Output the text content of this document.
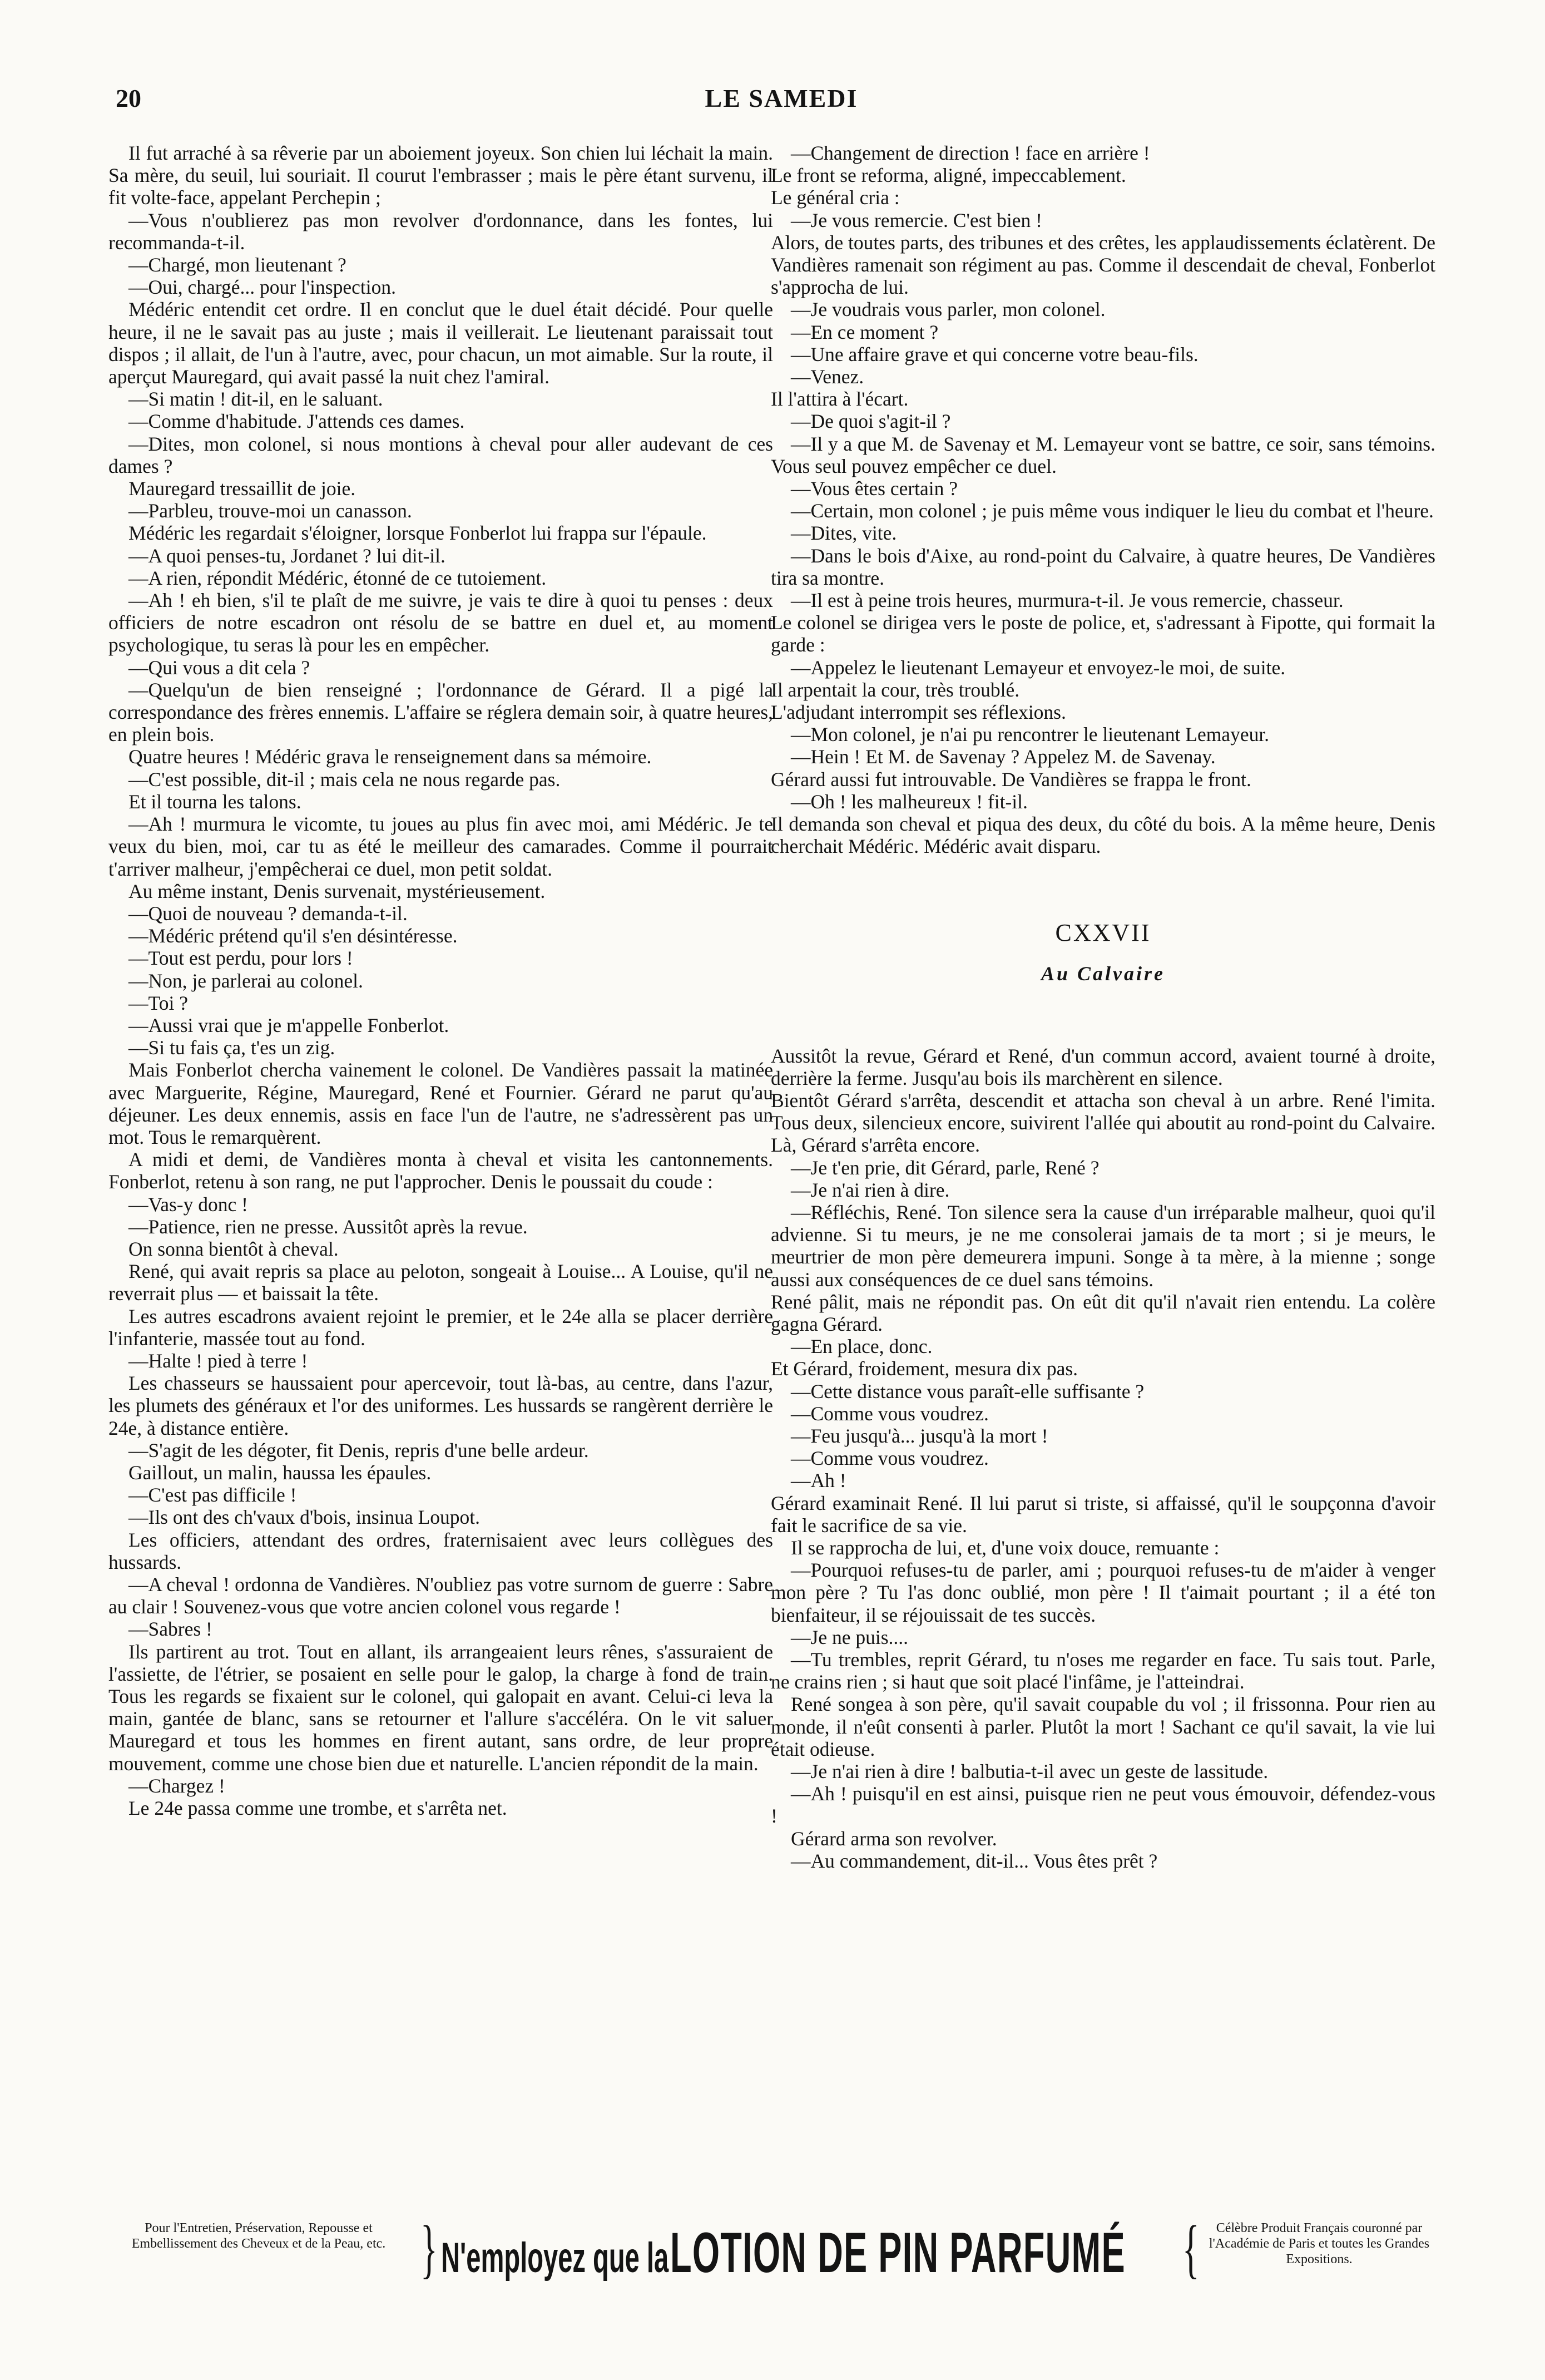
20	LE SAMEDI

Il fut arraché à sa rêverie par un aboiement joyeux. Son chien lui léchait la main. Sa mère, du seuil, lui souriait. Il courut l'embrasser ; mais le père étant survenu, il fit volte-face, appelant Perchepin ;

—Vous n'oublierez pas mon revolver d'ordonnance, dans les fontes, lui recommanda-t-il.

—Chargé, mon lieutenant ?

—Oui, chargé... pour l'inspection.

Médéric entendit cet ordre. Il en conclut que le duel était décidé. Pour quelle heure, il ne le savait pas au juste ; mais il veillerait. Le lieutenant paraissait tout dispos ; il allait, de l'un à l'autre, avec, pour chacun, un mot aimable. Sur la route, il aperçut Mauregard, qui avait passé la nuit chez l'amiral.

—Si matin ! dit-il, en le saluant.

—Comme d'habitude. J'attends ces dames.

—Dites, mon colonel, si nous montions à cheval pour aller audevant de ces dames ?

Mauregard tressaillit de joie.

—Parbleu, trouve-moi un canasson.

Médéric les regardait s'éloigner, lorsque Fonberlot lui frappa sur l'épaule.

—A quoi penses-tu, Jordanet ? lui dit-il.

—A rien, répondit Médéric, étonné de ce tutoiement.

—Ah ! eh bien, s'il te plaît de me suivre, je vais te dire à quoi tu penses : deux officiers de notre escadron ont résolu de se battre en duel et, au moment psychologique, tu seras là pour les en empêcher.

—Qui vous a dit cela ?

—Quelqu'un de bien renseigné ; l'ordonnance de Gérard. Il a pigé la correspondance des frères ennemis. L'affaire se réglera demain soir, à quatre heures, en plein bois.

Quatre heures ! Médéric grava le renseignement dans sa mémoire.

—C'est possible, dit-il ; mais cela ne nous regarde pas.

Et il tourna les talons.

—Ah ! murmura le vicomte, tu joues au plus fin avec moi, ami Médéric. Je te veux du bien, moi, car tu as été le meilleur des camarades. Comme il pourrait t'arriver malheur, j'empêcherai ce duel, mon petit soldat.

Au même instant, Denis survenait, mystérieusement.

—Quoi de nouveau ? demanda-t-il.

—Médéric prétend qu'il s'en désintéresse.

—Tout est perdu, pour lors !

—Non, je parlerai au colonel.

—Toi ?

—Aussi vrai que je m'appelle Fonberlot.

—Si tu fais ça, t'es un zig.

Mais Fonberlot chercha vainement le colonel. De Vandières passait la matinée avec Marguerite, Régine, Mauregard, René et Fournier. Gérard ne parut qu'au déjeuner. Les deux ennemis, assis en face l'un de l'autre, ne s'adressèrent pas un mot. Tous le remarquèrent.

A midi et demi, de Vandières monta à cheval et visita les cantonnements. Fonberlot, retenu à son rang, ne put l'approcher. Denis le poussait du coude :

—Vas-y donc !

—Patience, rien ne presse. Aussitôt après la revue.

On sonna bientôt à cheval.

René, qui avait repris sa place au peloton, songeait à Louise... A Louise, qu'il ne reverrait plus — et baissait la tête.

Les autres escadrons avaient rejoint le premier, et le 24e alla se placer derrière l'infanterie, massée tout au fond.

—Halte ! pied à terre !

Les chasseurs se haussaient pour apercevoir, tout là-bas, au centre, dans l'azur, les plumets des généraux et l'or des uniformes. Les hussards se rangèrent derrière le 24e, à distance entière.

—S'agit de les dégoter, fit Denis, repris d'une belle ardeur.

Gaillout, un malin, haussa les épaules.

—C'est pas difficile !

—Ils ont des ch'vaux d'bois, insinua Loupot.

Les officiers, attendant des ordres, fraternisaient avec leurs collègues des hussards.

—A cheval ! ordonna de Vandières. N'oubliez pas votre surnom de guerre : Sabre au clair ! Souvenez-vous que votre ancien colonel vous regarde !

—Sabres !

Ils partirent au trot. Tout en allant, ils arrangeaient leurs rênes, s'assuraient de l'assiette, de l'étrier, se posaient en selle pour le galop, la charge à fond de train. Tous les regards se fixaient sur le colonel, qui galopait en avant. Celui-ci leva la main, gantée de blanc, sans se retourner et l'allure s'accéléra. On le vit saluer Mauregard et tous les hommes en firent autant, sans ordre, de leur propre mouvement, comme une chose bien due et naturelle. L'ancien répondit de la main.

—Chargez !

Le 24e passa comme une trombe, et s'arrêta net.

—Changement de direction ! face en arrière !

Le front se reforma, aligné, impeccablement.

Le général cria :

—Je vous remercie. C'est bien !

Alors, de toutes parts, des tribunes et des crêtes, les applaudissements éclatèrent. De Vandières ramenait son régiment au pas. Comme il descendait de cheval, Fonberlot s'approcha de lui.

—Je voudrais vous parler, mon colonel.

—En ce moment ?

—Une affaire grave et qui concerne votre beau-fils.

—Venez.

Il l'attira à l'écart.

—De quoi s'agit-il ?

—Il y a que M. de Savenay et M. Lemayeur vont se battre, ce soir, sans témoins. Vous seul pouvez empêcher ce duel.

—Vous êtes certain ?

—Certain, mon colonel ; je puis même vous indiquer le lieu du combat et l'heure.

—Dites, vite.

—Dans le bois d'Aixe, au rond-point du Calvaire, à quatre heures, De Vandières tira sa montre.

—Il est à peine trois heures, murmura-t-il. Je vous remercie, chasseur.

Le colonel se dirigea vers le poste de police, et, s'adressant à Fipotte, qui formait la garde :

—Appelez le lieutenant Lemayeur et envoyez-le moi, de suite.

Il arpentait la cour, très troublé.

L'adjudant interrompit ses réflexions.

—Mon colonel, je n'ai pu rencontrer le lieutenant Lemayeur.

—Hein ! Et M. de Savenay ? Appelez M. de Savenay.

Gérard aussi fut introuvable. De Vandières se frappa le front.

—Oh ! les malheureux ! fit-il.

Il demanda son cheval et piqua des deux, du côté du bois. A la même heure, Denis cherchait Médéric. Médéric avait disparu.

CXXVII
Au Calvaire

Aussitôt la revue, Gérard et René, d'un commun accord, avaient tourné à droite, derrière la ferme. Jusqu'au bois ils marchèrent en silence.

Bientôt Gérard s'arrêta, descendit et attacha son cheval à un arbre. René l'imita. Tous deux, silencieux encore, suivirent l'allée qui aboutit au rond-point du Calvaire. Là, Gérard s'arrêta encore.

—Je t'en prie, dit Gérard, parle, René ?

—Je n'ai rien à dire.

—Réfléchis, René. Ton silence sera la cause d'un irréparable malheur, quoi qu'il advienne. Si tu meurs, je ne me consolerai jamais de ta mort ; si je meurs, le meurtrier de mon père demeurera impuni. Songe à ta mère, à la mienne ; songe aussi aux conséquences de ce duel sans témoins.

René pâlit, mais ne répondit pas. On eût dit qu'il n'avait rien entendu. La colère gagna Gérard.

—En place, donc.

Et Gérard, froidement, mesura dix pas.

—Cette distance vous paraît-elle suffisante ?

—Comme vous voudrez.

—Feu jusqu'à... jusqu'à la mort !

—Comme vous voudrez.

—Ah !

Gérard examinait René. Il lui parut si triste, si affaissé, qu'il le soupçonna d'avoir fait le sacrifice de sa vie.

Il se rapprocha de lui, et, d'une voix douce, remuante :

—Pourquoi refuses-tu de parler, ami ; pourquoi refuses-tu de m'aider à venger mon père ? Tu l'as donc oublié, mon père ! Il t'aimait pourtant ; il a été ton bienfaiteur, il se réjouissait de tes succès.

—Je ne puis....

—Tu trembles, reprit Gérard, tu n'oses me regarder en face. Tu sais tout. Parle, ne crains rien ; si haut que soit placé l'infâme, je l'atteindrai.

René songea à son père, qu'il savait coupable du vol ; il frissonna. Pour rien au monde, il n'eût consenti à parler. Plutôt la mort ! Sachant ce qu'il savait, la vie lui était odieuse.

—Je n'ai rien à dire ! balbutia-t-il avec un geste de lassitude.

—Ah ! puisqu'il en est ainsi, puisque rien ne peut vous émouvoir, défendez-vous !

Gérard arma son revolver.

—Au commandement, dit-il... Vous êtes prêt ?

Pour l'Entretien, Préservation, Repousse et Embellissement des Cheveux et de la Peau, etc. } N'employez que la LOTION DE PIN PARFUMÉ {	Célèbre Produit Français couronné par l'Académie de Paris et toutes les Grandes Expositions.
